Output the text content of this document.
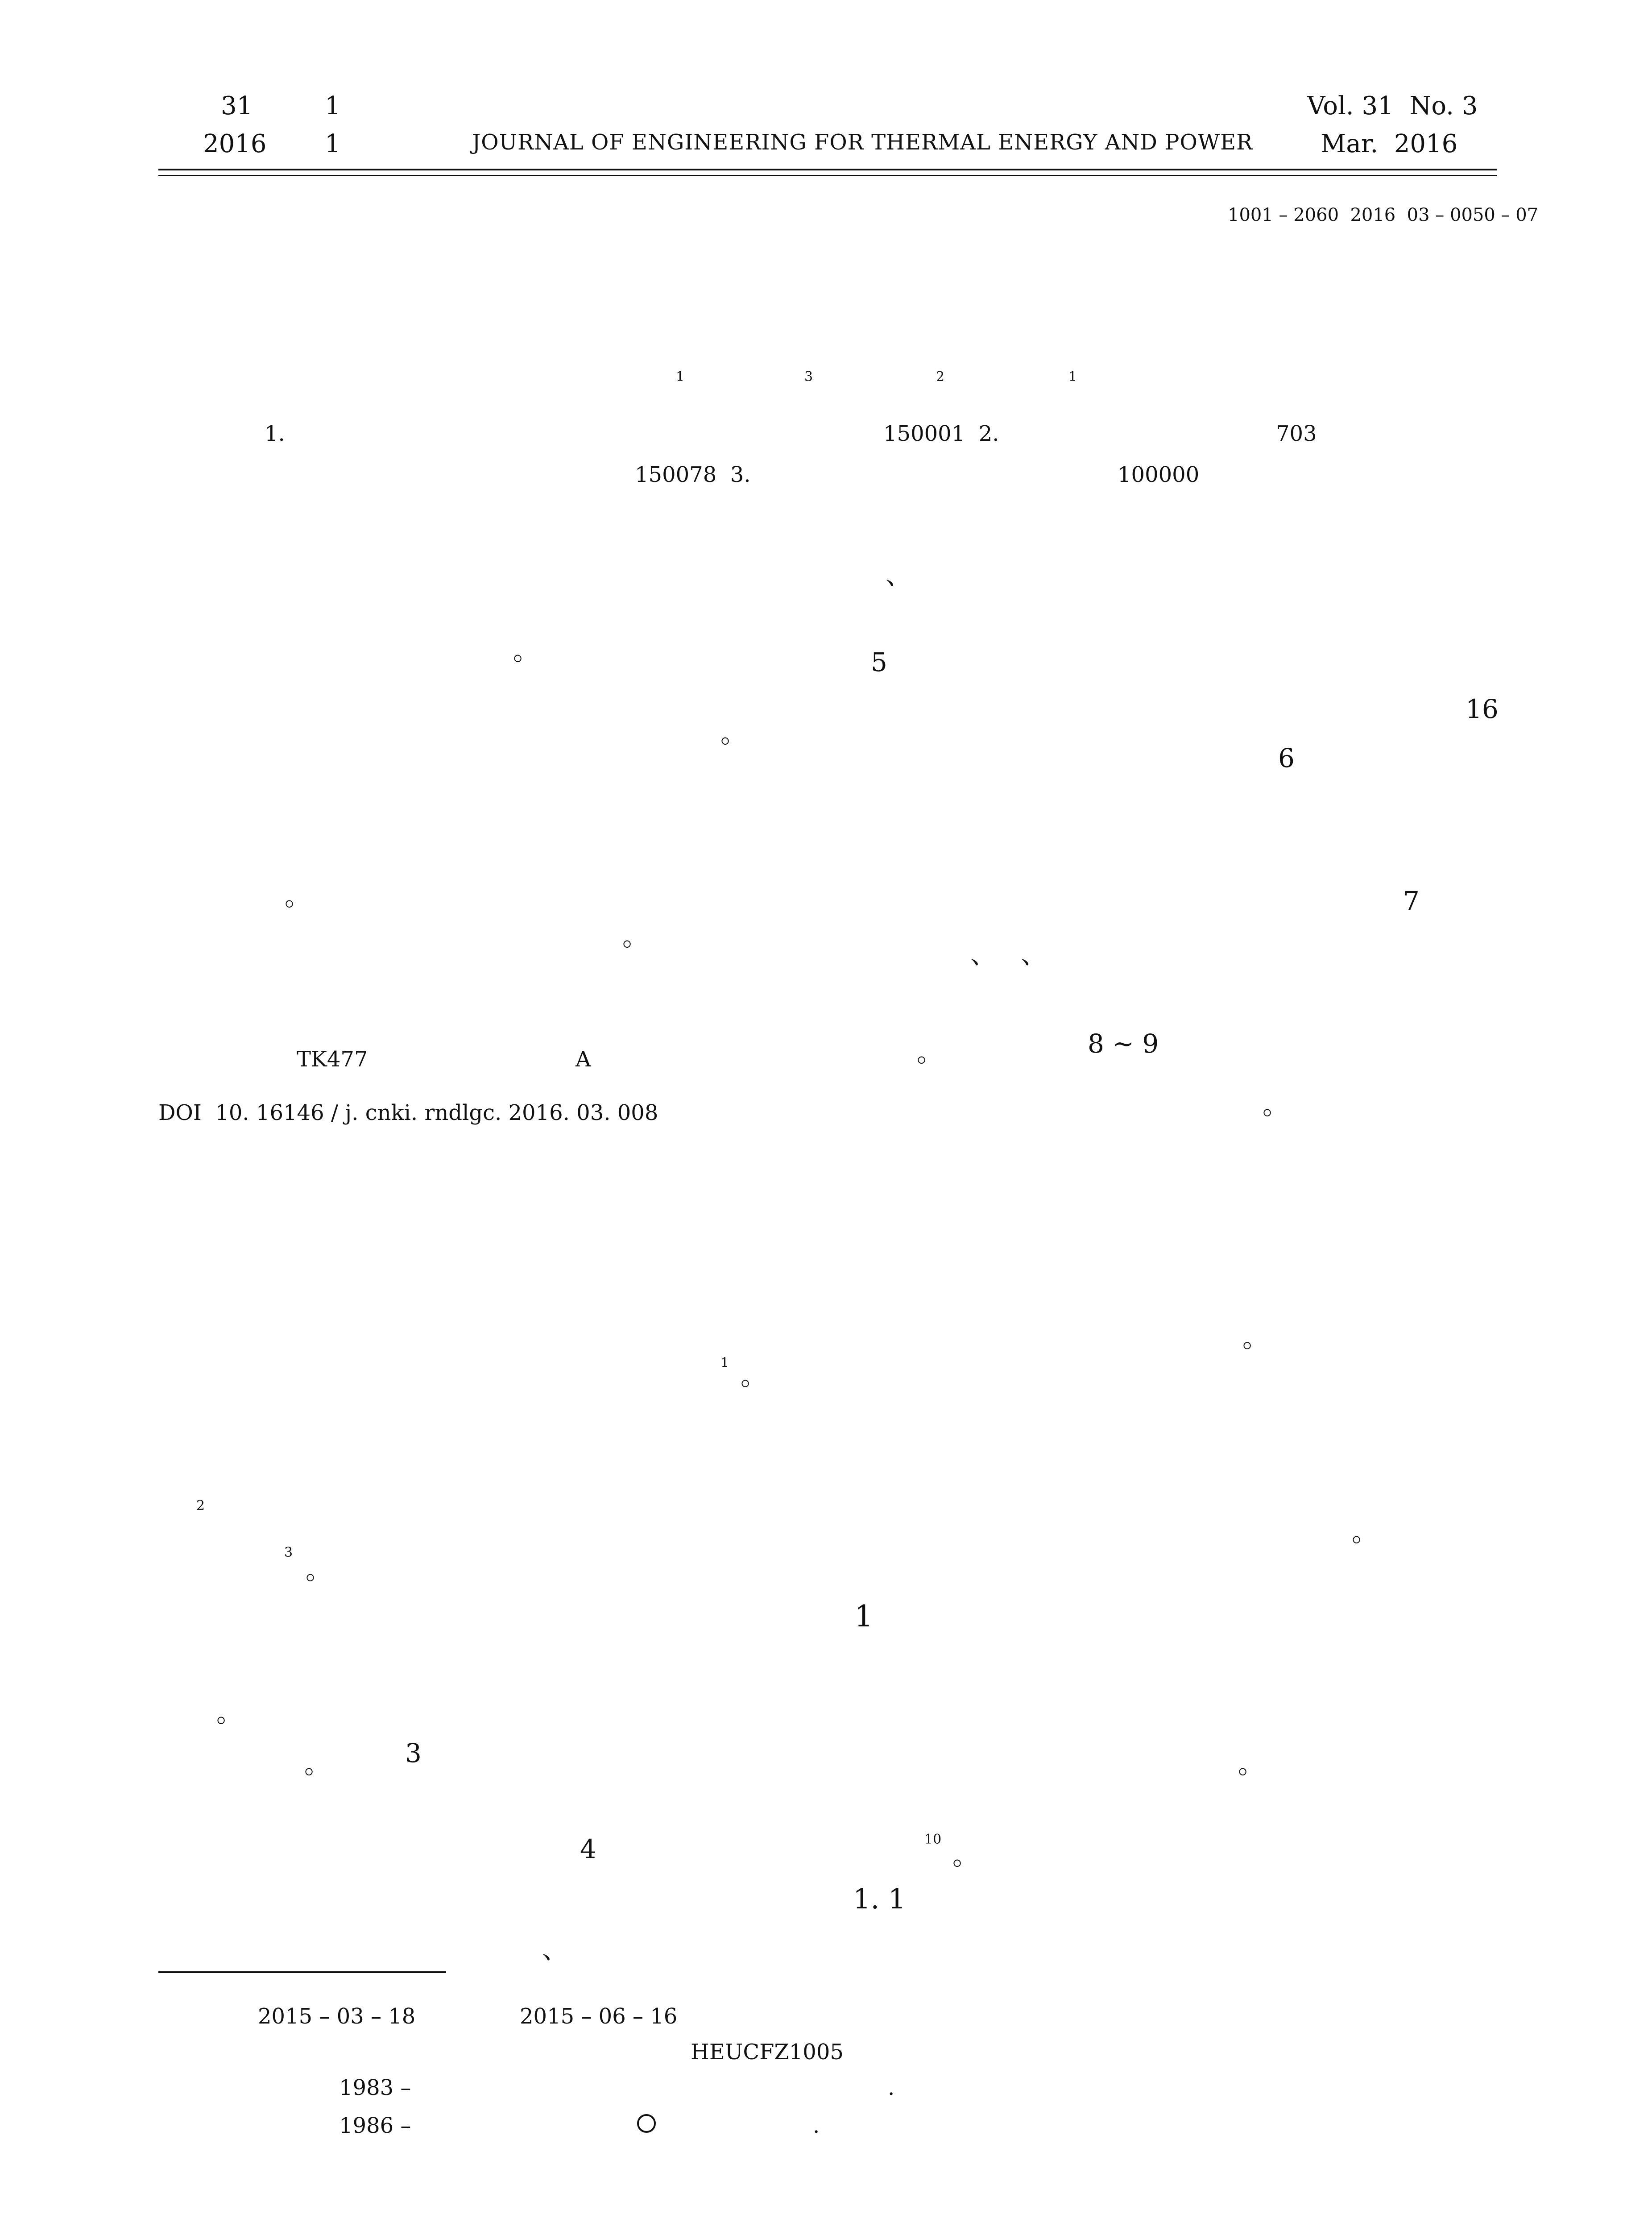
31	1
2016 1	JOURNAL OF ENGINEERING FOR THERMAL ENERGY AND POWER
Vol. 31  No. 3
Mar.  2016
1001 – 2060  2016  03 – 0050 – 07
1	3	2	1
1.	150001  2.	703
150078  3.	100000
、
。	5
16
。
6
。	7
。
、   、
。	8 ~ 9
。
TK477	A
DOI  10. 16146 / j. cnki. rndlgc. 2016. 03. 008
。
1 。
2
。
3
。
1
。
。	3	。
4	10
。
1. 1
、
2015 – 03 – 18	2015 – 06 – 16
HEUCFZ1005
1983 –	.
1986 –	.
